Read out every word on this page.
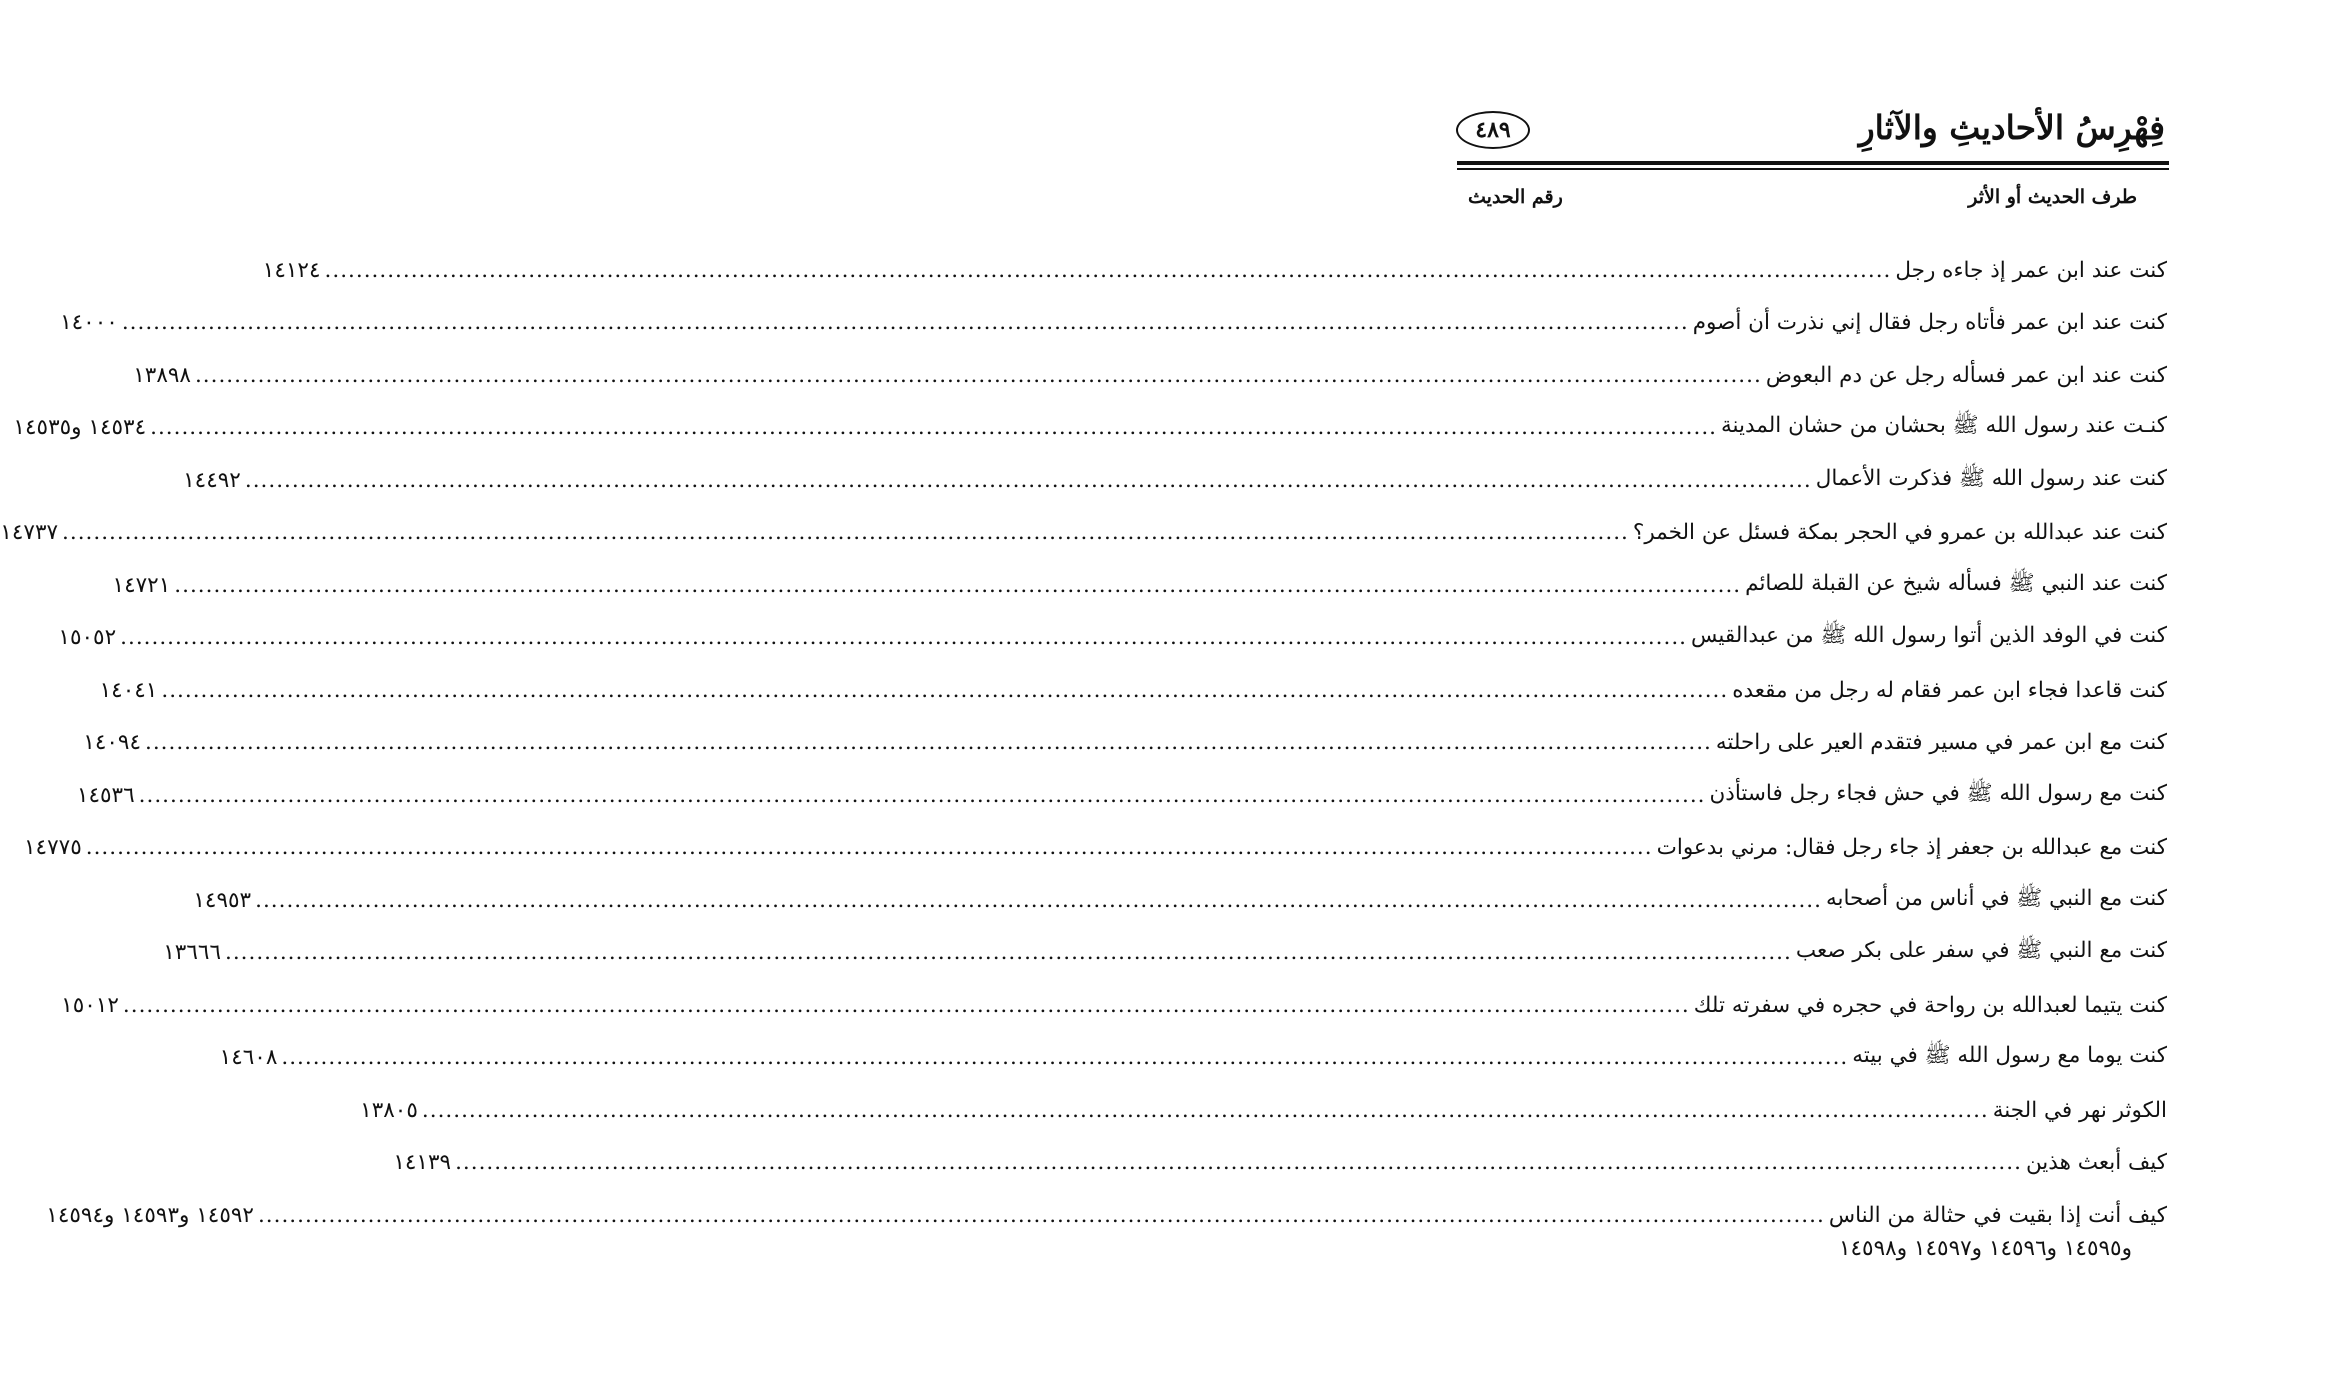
فِهْرِسُ الأحاديثِ والآثارِ
٤٨٩
طرف الحديث أو الأثر
رقم الحديث
كنت عند ابن عمر إذ جاءه رجل
........................................................................................................................................................................................................
١٤١٢٤
كنت عند ابن عمر فأتاه رجل فقال إني نذرت أن أصوم
........................................................................................................................................................................................................
١٤٠٠٠
كنت عند ابن عمر فسأله رجل عن دم البعوض
........................................................................................................................................................................................................
١٣٨٩٨
كنـت عند رسول الله ﷺ بحشان من حشان المدينة
........................................................................................................................................................................................................
١٤٥٣٤ و١٤٥٣٥
كنت عند رسول الله ﷺ فذكرت الأعمال
........................................................................................................................................................................................................
١٤٤٩٢
كنت عند عبدالله بن عمرو في الحجر بمكة فسئل عن الخمر؟
........................................................................................................................................................................................................
١٤٧٣٧
كنت عند النبي ﷺ فسأله شيخ عن القبلة للصائم
........................................................................................................................................................................................................
١٤٧٢١
كنت في الوفد الذين أتوا رسول الله ﷺ من عبدالقيس
........................................................................................................................................................................................................
١٥٠٥٢
كنت قاعدا فجاء ابن عمر فقام له رجل من مقعده
........................................................................................................................................................................................................
١٤٠٤١
كنت مع ابن عمر في مسير فتقدم العير على راحلته
........................................................................................................................................................................................................
١٤٠٩٤
كنت مع رسول الله ﷺ في حش فجاء رجل فاستأذن
........................................................................................................................................................................................................
١٤٥٣٦
كنت مع عبدالله بن جعفر إذ جاء رجل فقال: مرني بدعوات
........................................................................................................................................................................................................
١٤٧٧٥
كنت مع النبي ﷺ في أناس من أصحابه
........................................................................................................................................................................................................
١٤٩٥٣
كنت مع النبي ﷺ في سفر على بكر صعب
........................................................................................................................................................................................................
١٣٦٦٦
كنت يتيما لعبدالله بن رواحة في حجره في سفرته تلك
........................................................................................................................................................................................................
١٥٠١٢
كنت يوما مع رسول الله ﷺ في بيته
........................................................................................................................................................................................................
١٤٦٠٨
الكوثر نهر في الجنة
........................................................................................................................................................................................................
١٣٨٠٥
كيف أبعث هذين
........................................................................................................................................................................................................
١٤١٣٩
كيف أنت إذا بقيت في حثالة من الناس
........................................................................................................................................................................................................
١٤٥٩٢ و١٤٥٩٣ و١٤٥٩٤
و١٤٥٩٥ و١٤٥٩٦ و١٤٥٩٧ و١٤٥٩٨
